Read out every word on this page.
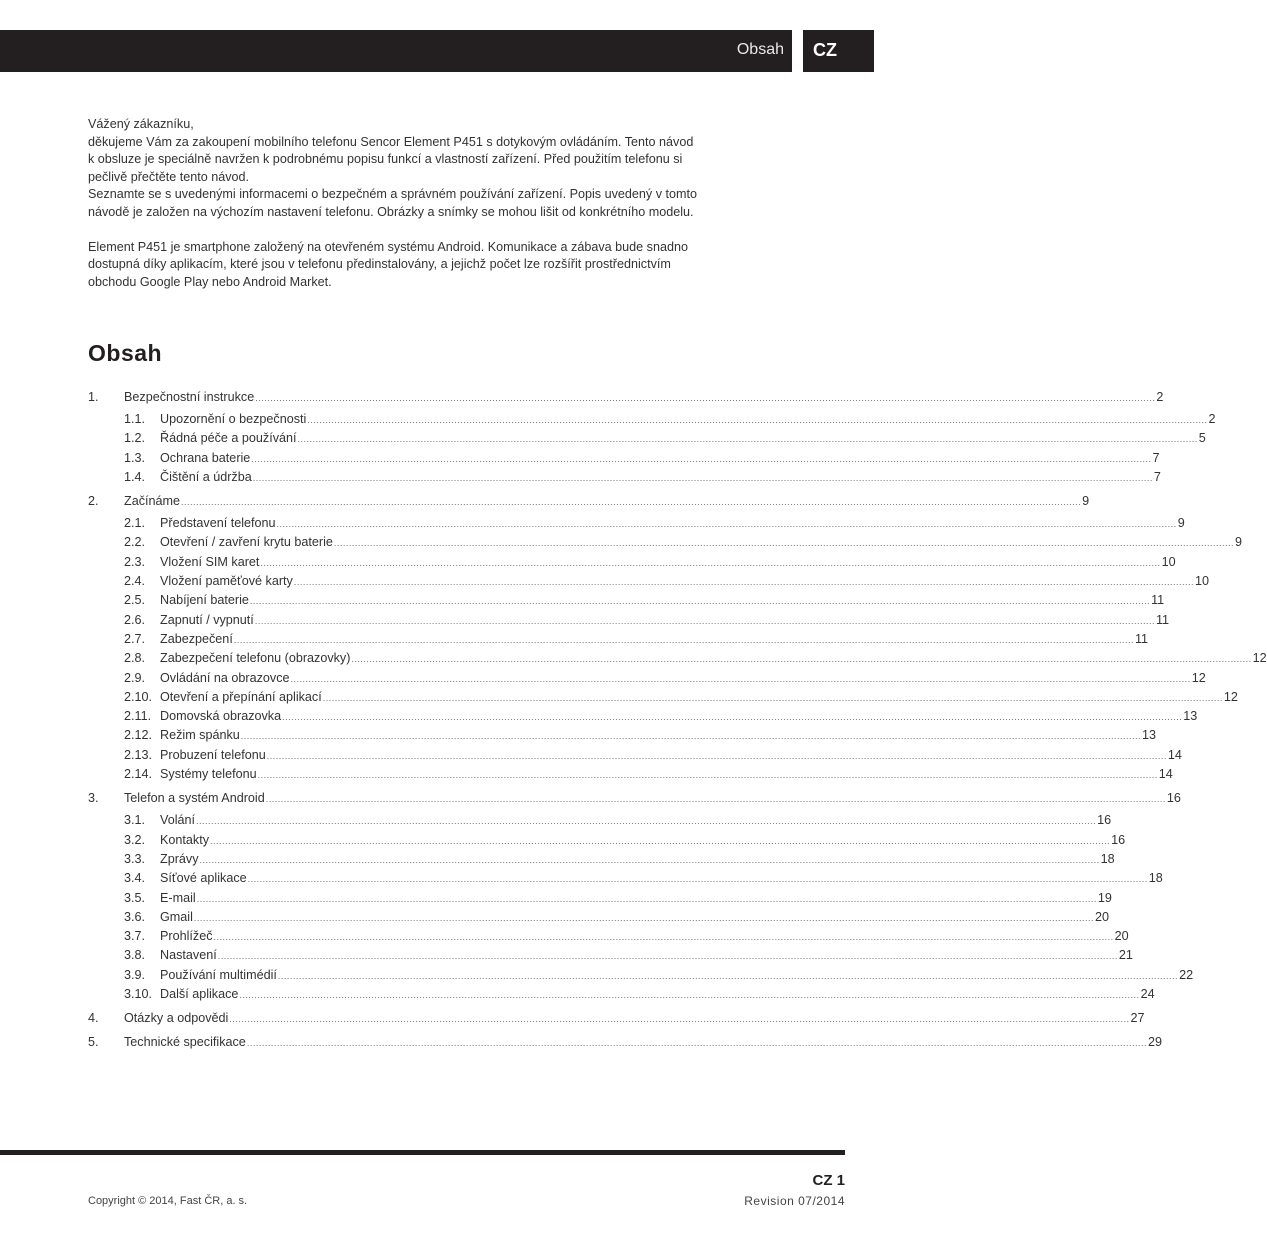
Obsah CZ
Vážený zákazníku,
děkujeme Vám za zakoupení mobilního telefonu Sencor Element P451 s dotykovým ovládáním. Tento návod
k obsluze je speciálně navržen k podrobnému popisu funkcí a vlastností zařízení. Před použitím telefonu si
pečlivě přečtěte tento návod.
Seznamte se s uvedenými informacemi o bezpečném a správném používání zařízení. Popis uvedený v tomto
návodě je založen na výchozím nastavení telefonu. Obrázky a snímky se mohou lišit od konkrétního modelu.
Element P451 je smartphone založený na otevřeném systému Android. Komunikace a zábava bude snadno
dostupná díky aplikacím, které jsou v telefonu předinstalovány, a jejichž počet lze rozšířit prostřednictvím
obchodu Google Play nebo Android Market.
Obsah
1.	Bezpečnostní instrukce ............................................................................................................................................................................................................................................................................................................ 2
1.1.	Upozornění o bezpečnosti ............................................................................................................................................................................................................................................................................................................ 2
1.2.	Řádná péče a používání ............................................................................................................................................................................................................................................................................................................ 5
1.3.	Ochrana baterie ............................................................................................................................................................................................................................................................................................................ 7
1.4.	Čištění a údržba ............................................................................................................................................................................................................................................................................................................ 7
2.	Začínáme ............................................................................................................................................................................................................................................................................................................ 9
2.1.	Představení telefonu ............................................................................................................................................................................................................................................................................................................ 9
2.2.	Otevření / zavření krytu baterie ............................................................................................................................................................................................................................................................................................................ 9
2.3.	Vložení SIM karet ............................................................................................................................................................................................................................................................................................................ 10
2.4.	Vložení paměťové karty ............................................................................................................................................................................................................................................................................................................ 10
2.5.	Nabíjení baterie ............................................................................................................................................................................................................................................................................................................ 11
2.6.	Zapnutí / vypnutí ............................................................................................................................................................................................................................................................................................................ 11
2.7.	Zabezpečení ............................................................................................................................................................................................................................................................................................................ 11
2.8.	Zabezpečení telefonu (obrazovky) ............................................................................................................................................................................................................................................................................................................ 12
2.9.	Ovládání na obrazovce ............................................................................................................................................................................................................................................................................................................ 12
2.10. Otevření a přepínání aplikací ............................................................................................................................................................................................................................................................................................................ 12
2.11. Domovská obrazovka ............................................................................................................................................................................................................................................................................................................ 13
2.12. Režim spánku ............................................................................................................................................................................................................................................................................................................ 13
2.13. Probuzení telefonu ............................................................................................................................................................................................................................................................................................................ 14
2.14. Systémy telefonu ............................................................................................................................................................................................................................................................................................................ 14
3.	Telefon a systém Android ............................................................................................................................................................................................................................................................................................................ 16
3.1.	Volání ............................................................................................................................................................................................................................................................................................................ 16
3.2.	Kontakty ............................................................................................................................................................................................................................................................................................................ 16
3.3.	Zprávy ............................................................................................................................................................................................................................................................................................................ 18
3.4.	Síťové aplikace ............................................................................................................................................................................................................................................................................................................ 18
3.5.	E-mail ............................................................................................................................................................................................................................................................................................................ 19
3.6.	Gmail ............................................................................................................................................................................................................................................................................................................ 20
3.7.	Prohlížeč ............................................................................................................................................................................................................................................................................................................ 20
3.8.	Nastavení ............................................................................................................................................................................................................................................................................................................ 21
3.9.	Používání multimédií ............................................................................................................................................................................................................................................................................................................ 22
3.10. Další aplikace ............................................................................................................................................................................................................................................................................................................ 24
4.	Otázky a odpovědi ............................................................................................................................................................................................................................................................................................................ 27
5.	Technické specifikace ............................................................................................................................................................................................................................................................................................................ 29
CZ 1
Revision 07/2014
Copyright © 2014, Fast ČR, a. s.
